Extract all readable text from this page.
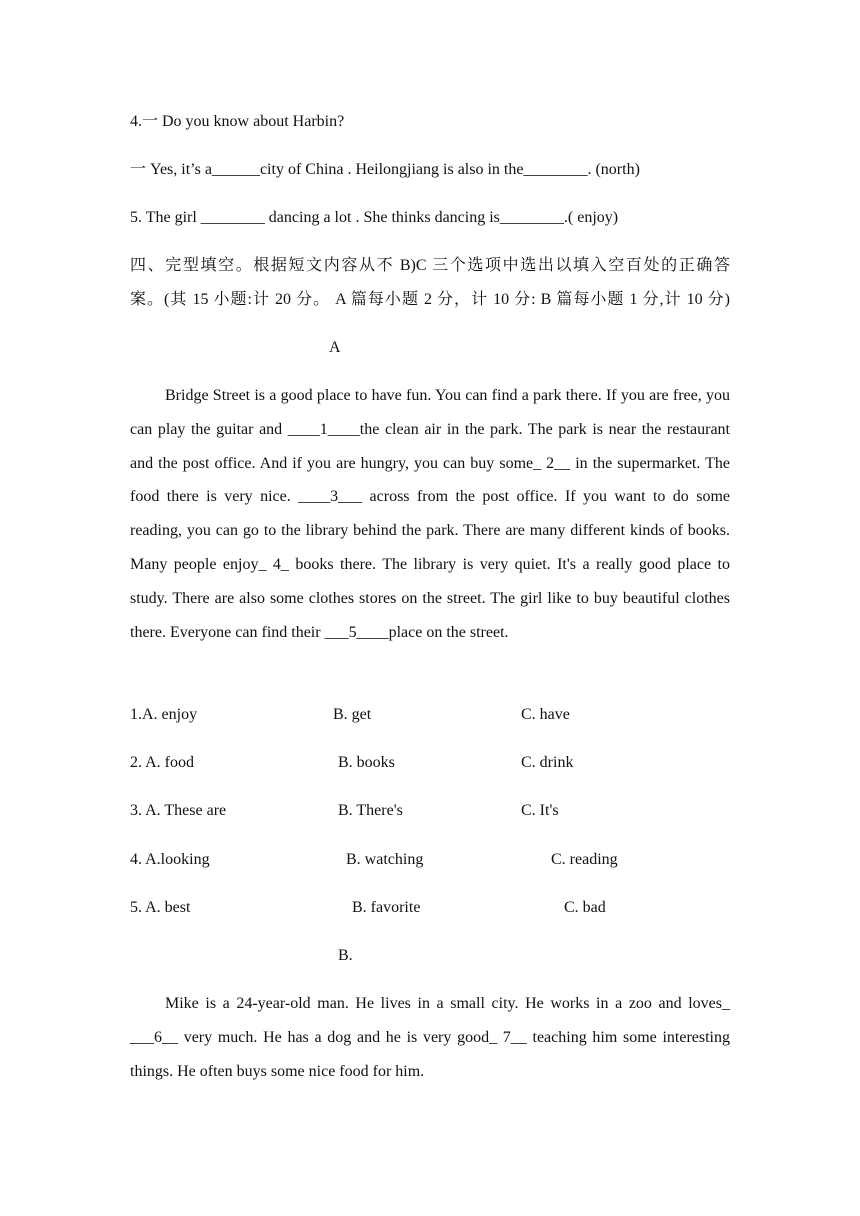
4.一 Do you know about Harbin?
一 Yes, it’s a______city of China . Heilongjiang is also in the________. (north)
5. The girl ________ dancing a lot . She thinks dancing is________.( enjoy)
四、完型填空。根据短文内容从不 B)C 三个选项中选出以填入空百处的正确答
案。(其 15 小题:计 20 分。 A 篇每小题 2 分，计 10 分: B 篇每小题 1 分,计 10 分)
A

Bridge Street is a good place to have fun. You can find a park there. If you are free, you can play the guitar and ____1____the clean air in the park. The park is near the restaurant and the post office. And if you are hungry, you can buy some_ 2__ in the supermarket. The food there is very nice. ____3___ across from the post office. If you want to do some reading, you can go to the library behind the park. There are many different kinds of books. Many people enjoy_ 4_ books there. The library is very quiet. It's a really good place to study. There are also some clothes stores on the street. The girl like to buy beautiful clothes there. Everyone can find their ___5____place on the street.

1.A. enjoy	B. get	C. have
2. A. food	B. books	C. drink
3. A. These are	B. There's	C. It's
4. A.looking	B. watching	C. reading
5. A. best	B. favorite	C. bad
B.

Mike is a 24-year-old man. He lives in a small city. He works in a zoo and loves_ ___6__ very much. He has a dog and he is very good_ 7__ teaching him some interesting things. He often buys some nice food for him.
